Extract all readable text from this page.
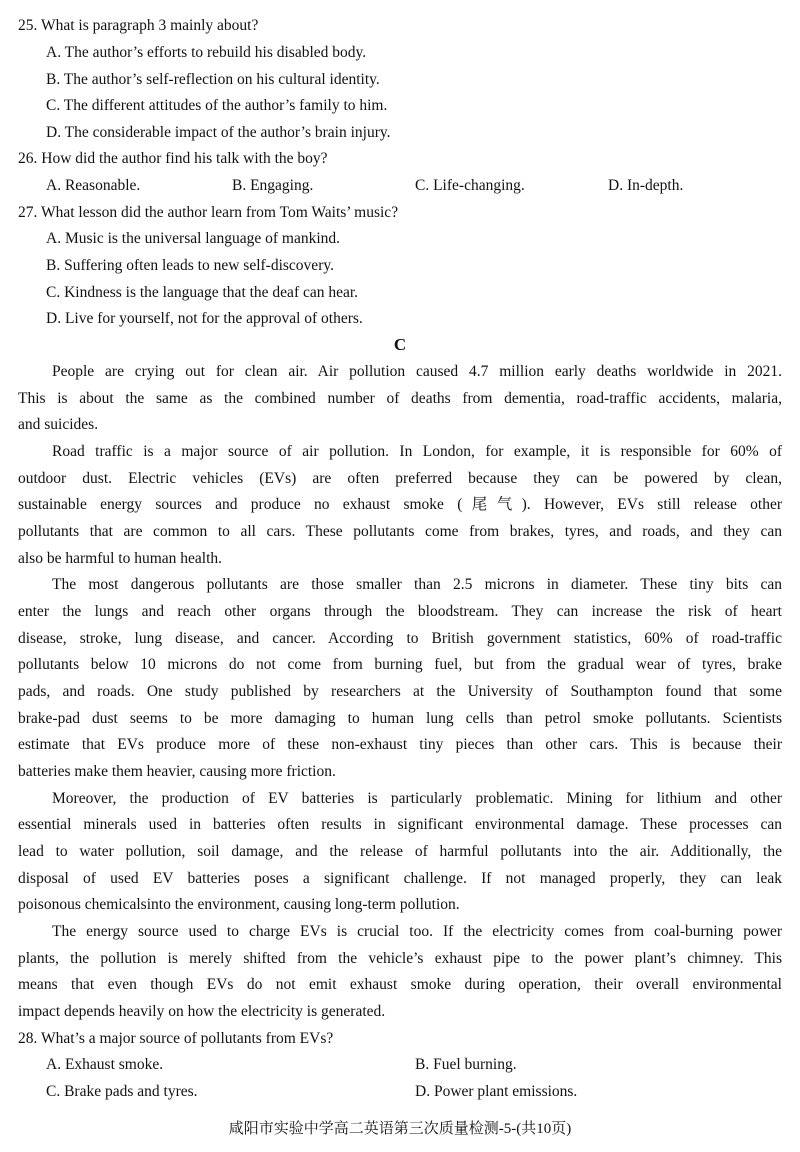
25. What is paragraph 3 mainly about?
A. The author’s efforts to rebuild his disabled body.
B. The author’s self-reflection on his cultural identity.
C. The different attitudes of the author’s family to him.
D. The considerable impact of the author’s brain injury.
26. How did the author find his talk with the boy?
A. Reasonable.	B. Engaging.	C. Life-changing.	D. In-depth.
27. What lesson did the author learn from Tom Waits’ music?
A. Music is the universal language of mankind.
B. Suffering often leads to new self-discovery.
C. Kindness is the language that the deaf can hear.
D. Live for yourself, not for the approval of others.
C
People are crying out for clean air. Air pollution caused 4.7 million early deaths worldwide in 2021.
This is about the same as the combined number of deaths from dementia, road-traffic accidents, malaria,
and suicides.
Road traffic is a major source of air pollution. In London, for example, it is responsible for 60% of
outdoor dust. Electric vehicles (EVs) are often preferred because they can be powered by clean,
sustainable energy sources and produce no exhaust smoke (尾气). However, EVs still release other
pollutants that are common to all cars. These pollutants come from brakes, tyres, and roads, and they can
also be harmful to human health.
The most dangerous pollutants are those smaller than 2.5 microns in diameter. These tiny bits can
enter the lungs and reach other organs through the bloodstream. They can increase the risk of heart
disease, stroke, lung disease, and cancer. According to British government statistics, 60% of road-traffic
pollutants below 10 microns do not come from burning fuel, but from the gradual wear of tyres, brake
pads, and roads. One study published by researchers at the University of Southampton found that some
brake-pad dust seems to be more damaging to human lung cells than petrol smoke pollutants. Scientists
estimate that EVs produce more of these non-exhaust tiny pieces than other cars. This is because their
batteries make them heavier, causing more friction.
Moreover, the production of EV batteries is particularly problematic. Mining for lithium and other
essential minerals used in batteries often results in significant environmental damage. These processes can
lead to water pollution, soil damage, and the release of harmful pollutants into the air. Additionally, the
disposal of used EV batteries poses a significant challenge. If not managed properly, they can leak
poisonous chemicalsinto the environment, causing long-term pollution.
The energy source used to charge EVs is crucial too. If the electricity comes from coal-burning power
plants, the pollution is merely shifted from the vehicle’s exhaust pipe to the power plant’s chimney. This
means that even though EVs do not emit exhaust smoke during operation, their overall environmental
impact depends heavily on how the electricity is generated.
28. What’s a major source of pollutants from EVs?
A. Exhaust smoke.	B. Fuel burning.
C. Brake pads and tyres.	D. Power plant emissions.
咸阳市实验中学高二英语第三次质量检测-5-(共10页)
